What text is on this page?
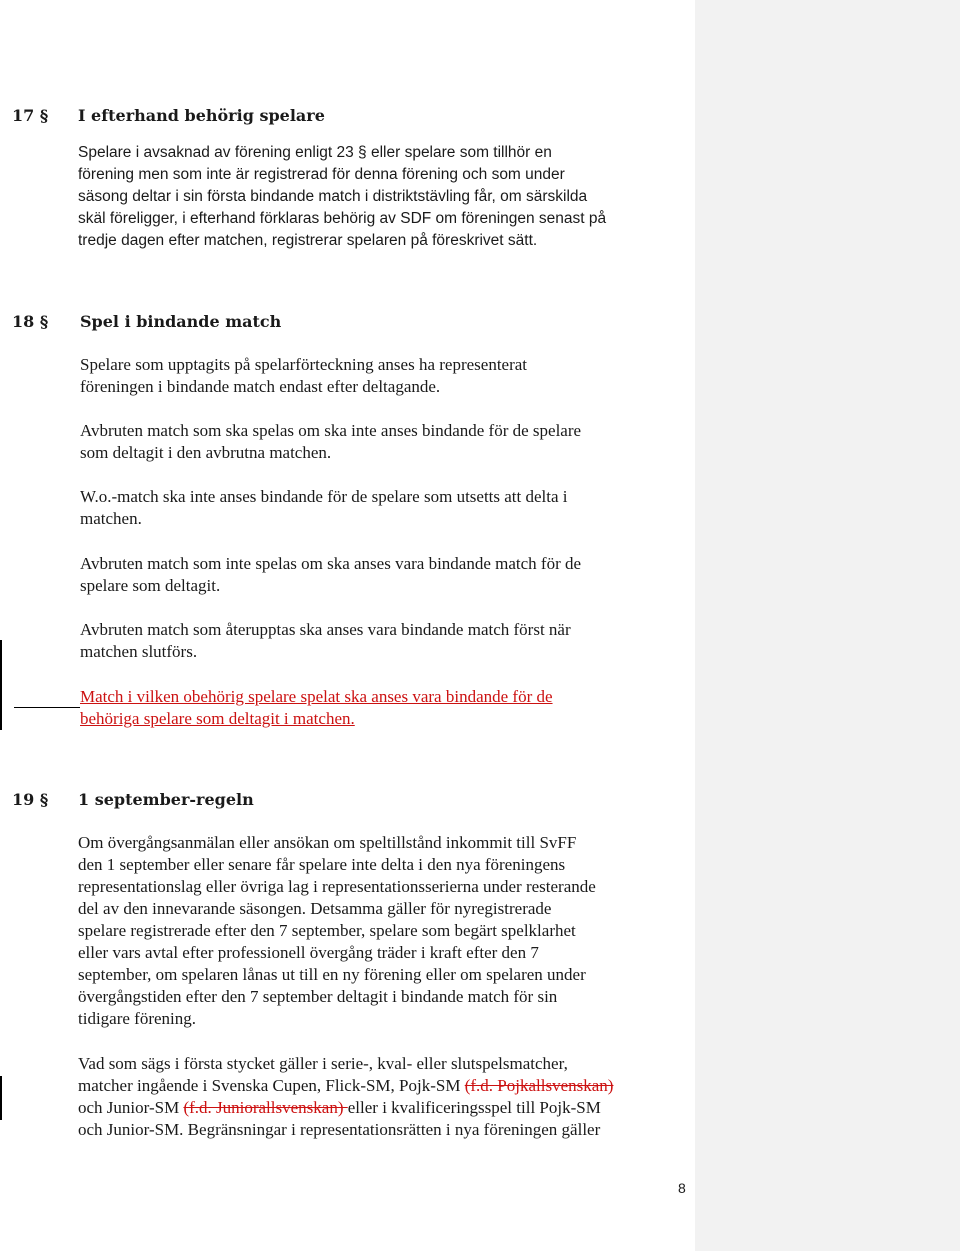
17 § I efterhand behörig spelare
Spelare i avsaknad av förening enligt 23 § eller spelare som tillhör en
förening men som inte är registrerad för denna förening och som under
säsong deltar i sin första bindande match i distriktstävling får, om särskilda
skäl föreligger, i efterhand förklaras behörig av SDF om föreningen senast på
tredje dagen efter matchen, registrerar spelaren på föreskrivet sätt.
18 § Spel i bindande match
Spelare som upptagits på spelarförteckning anses ha representerat
föreningen i bindande match endast efter deltagande.
Avbruten match som ska spelas om ska inte anses bindande för de spelare
som deltagit i den avbrutna matchen.
W.o.-match ska inte anses bindande för de spelare som utsetts att delta i
matchen.
Avbruten match som inte spelas om ska anses vara bindande match för de
spelare som deltagit.
Avbruten match som återupptas ska anses vara bindande match först när
matchen slutförs.
Match i vilken obehörig spelare spelat ska anses vara bindande för de
behöriga spelare som deltagit i matchen.
19 § 1 september-regeln
Om övergångsanmälan eller ansökan om speltillstånd inkommit till SvFF
den 1 september eller senare får spelare inte delta i den nya föreningens
representationslag eller övriga lag i representationsserierna under resterande
del av den innevarande säsongen. Detsamma gäller för nyregistrerade
spelare registrerade efter den 7 september, spelare som begärt spelklarhet
eller vars avtal efter professionell övergång träder i kraft efter den 7
september, om spelaren lånas ut till en ny förening eller om spelaren under
övergångstiden efter den 7 september deltagit i bindande match för sin
tidigare förening.
Vad som sägs i första stycket gäller i serie-, kval- eller slutspelsmatcher,
matcher ingående i Svenska Cupen, Flick-SM, Pojk-SM (f.d. Pojkallsvenskan)
och Junior-SM (f.d. Juniorallsvenskan) eller i kvalificeringsspel till Pojk-SM
och Junior-SM. Begränsningar i representationsrätten i nya föreningen gäller
8
